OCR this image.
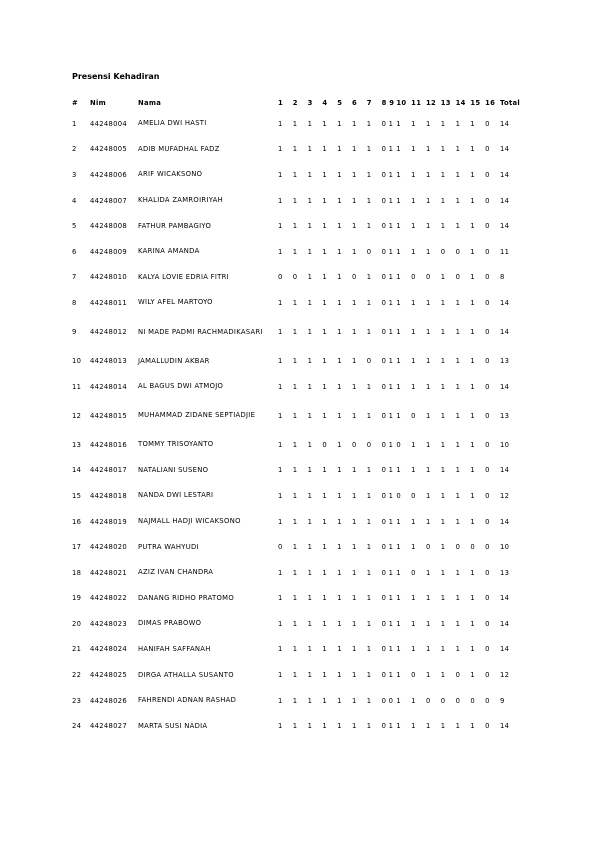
Presensi Kehadiran
#	Nim	Nama	1	2	3	4	5	6	7	8 9	10	11	12	13	14	15	16	Total
1	44248004	AMELIA DWI HASTI	1	1	1	1	1	1	1	0 1	1	1	1	1	1	1	0	14
2	44248005	ADIB MUFADHAL FADZ	1	1	1	1	1	1	1	0 1	1	1	1	1	1	1	0	14
3	44248006	ARIF WICAKSONO	1	1	1	1	1	1	1	0 1	1	1	1	1	1	1	0	14
4	44248007	KHALIDA ZAMROIRIYAH	1	1	1	1	1	1	1	0 1	1	1	1	1	1	1	0	14
5	44248008	FATHUR PAMBAGIYO	1	1	1	1	1	1	1	0 1	1	1	1	1	1	1	0	14
6	44248009	KARINA AMANDA	1	1	1	1	1	1	0	0 1	1	1	1	0	0	1	0	11
7	44248010	KALYA LOVIE EDRIA FITRI	0	0	1	1	1	0	1	0 1	1	0	0	1	0	1	0	8
8	44248011	WILY AFEL MARTOYO	1	1	1	1	1	1	1	0 1	1	1	1	1	1	1	0	14
9	44248012	NI MADE PADMI RACHMADIKASARI	1	1	1	1	1	1	1	0 1	1	1	1	1	1	1	0	14
10	44248013	JAMALLUDIN AKBAR	1	1	1	1	1	1	0	0 1	1	1	1	1	1	1	0	13
11	44248014	AL BAGUS DWI ATMOJO	1	1	1	1	1	1	1	0 1	1	1	1	1	1	1	0	14
12	44248015	MUHAMMAD ZIDANE SEPTIADJIE	1	1	1	1	1	1	1	0 1	1	0	1	1	1	1	0	13
13	44248016	TOMMY TRISOYANTO	1	1	1	0	1	0	0	0 1	0	1	1	1	1	1	0	10
14	44248017	NATALIANI SUSENO	1	1	1	1	1	1	1	0 1	1	1	1	1	1	1	0	14
15	44248018	NANDA DWI LESTARI	1	1	1	1	1	1	1	0 1	0	0	1	1	1	1	0	12
16	44248019	NAJMALL HADJI WICAKSONO	1	1	1	1	1	1	1	0 1	1	1	1	1	1	1	0	14
17	44248020	PUTRA WAHYUDI	0	1	1	1	1	1	1	0 1	1	1	0	1	0	0	0	10
18	44248021	AZIZ IVAN CHANDRA	1	1	1	1	1	1	1	0 1	1	0	1	1	1	1	0	13
19	44248022	DANANG RIDHO PRATOMO	1	1	1	1	1	1	1	0 1	1	1	1	1	1	1	0	14
20	44248023	DIMAS PRABOWO	1	1	1	1	1	1	1	0 1	1	1	1	1	1	1	0	14
21	44248024	HANIFAH SAFFANAH	1	1	1	1	1	1	1	0 1	1	1	1	1	1	1	0	14
22	44248025	DIRGA ATHALLA SUSANTO	1	1	1	1	1	1	1	0 1	1	0	1	1	0	1	0	12
23	44248026	FAHRENDI ADNAN RASHAD	1	1	1	1	1	1	1	0 0	1	1	0	0	0	0	0	9
24	44248027	MARTA SUSI NADIA	1	1	1	1	1	1	1	0 1	1	1	1	1	1	1	0	14
